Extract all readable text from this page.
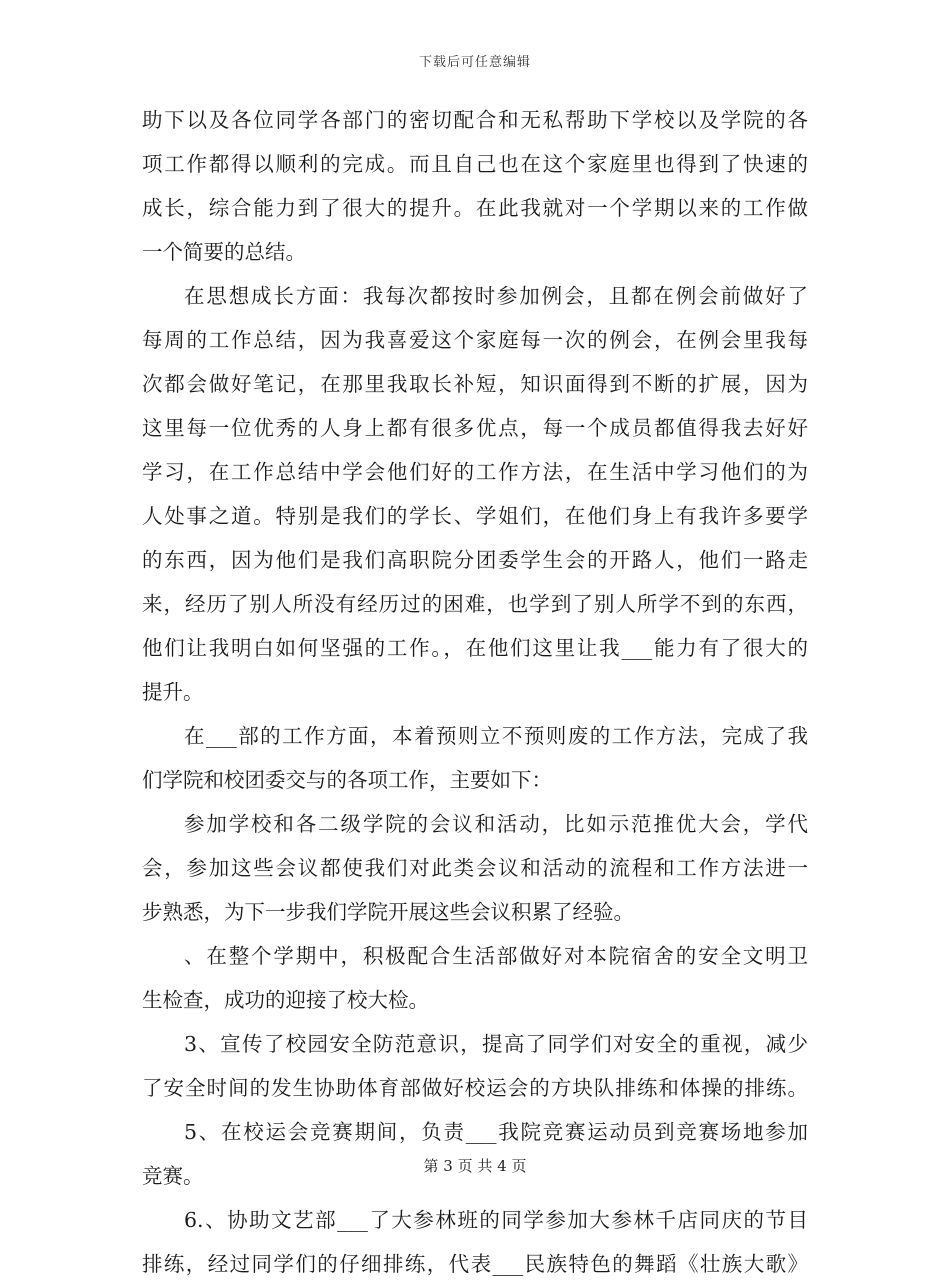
下载后可任意编辑
助下以及各位同学各部门的密切配合和无私帮助下学校以及学院的各
项工作都得以顺利的完成。而且自己也在这个家庭里也得到了快速的
成长，综合能力到了很大的提升。在此我就对一个学期以来的工作做
一个简要的总结。
在思想成长方面：我每次都按时参加例会，且都在例会前做好了
每周的工作总结，因为我喜爱这个家庭每一次的例会，在例会里我每
次都会做好笔记，在那里我取长补短，知识面得到不断的扩展，因为
这里每一位优秀的人身上都有很多优点，每一个成员都值得我去好好
学习，在工作总结中学会他们好的工作方法，在生活中学习他们的为
人处事之道。特别是我们的学长、学姐们，在他们身上有我许多要学
的东西，因为他们是我们高职院分团委学生会的开路人，他们一路走
来，经历了别人所没有经历过的困难，也学到了别人所学不到的东西，
他们让我明白如何坚强的工作。，在他们这里让我___能力有了很大的
提升。
在___部的工作方面，本着预则立不预则废的工作方法，完成了我
们学院和校团委交与的各项工作，主要如下：
参加学校和各二级学院的会议和活动，比如示范推优大会，学代
会，参加这些会议都使我们对此类会议和活动的流程和工作方法进一
步熟悉，为下一步我们学院开展这些会议积累了经验。
、在整个学期中，积极配合生活部做好对本院宿舍的安全文明卫
生检查，成功的迎接了校大检。
3、宣传了校园安全防范意识，提高了同学们对安全的重视，减少
了安全时间的发生协助体育部做好校运会的方块队排练和体操的排练。
5、在校运会竞赛期间，负责___我院竞赛运动员到竞赛场地参加
竞赛。
6.、协助文艺部___了大参林班的同学参加大参林千店同庆的节目
排练，经过同学们的仔细排练，代表___民族特色的舞蹈《壮族大歌》
第 3 页 共 4 页
